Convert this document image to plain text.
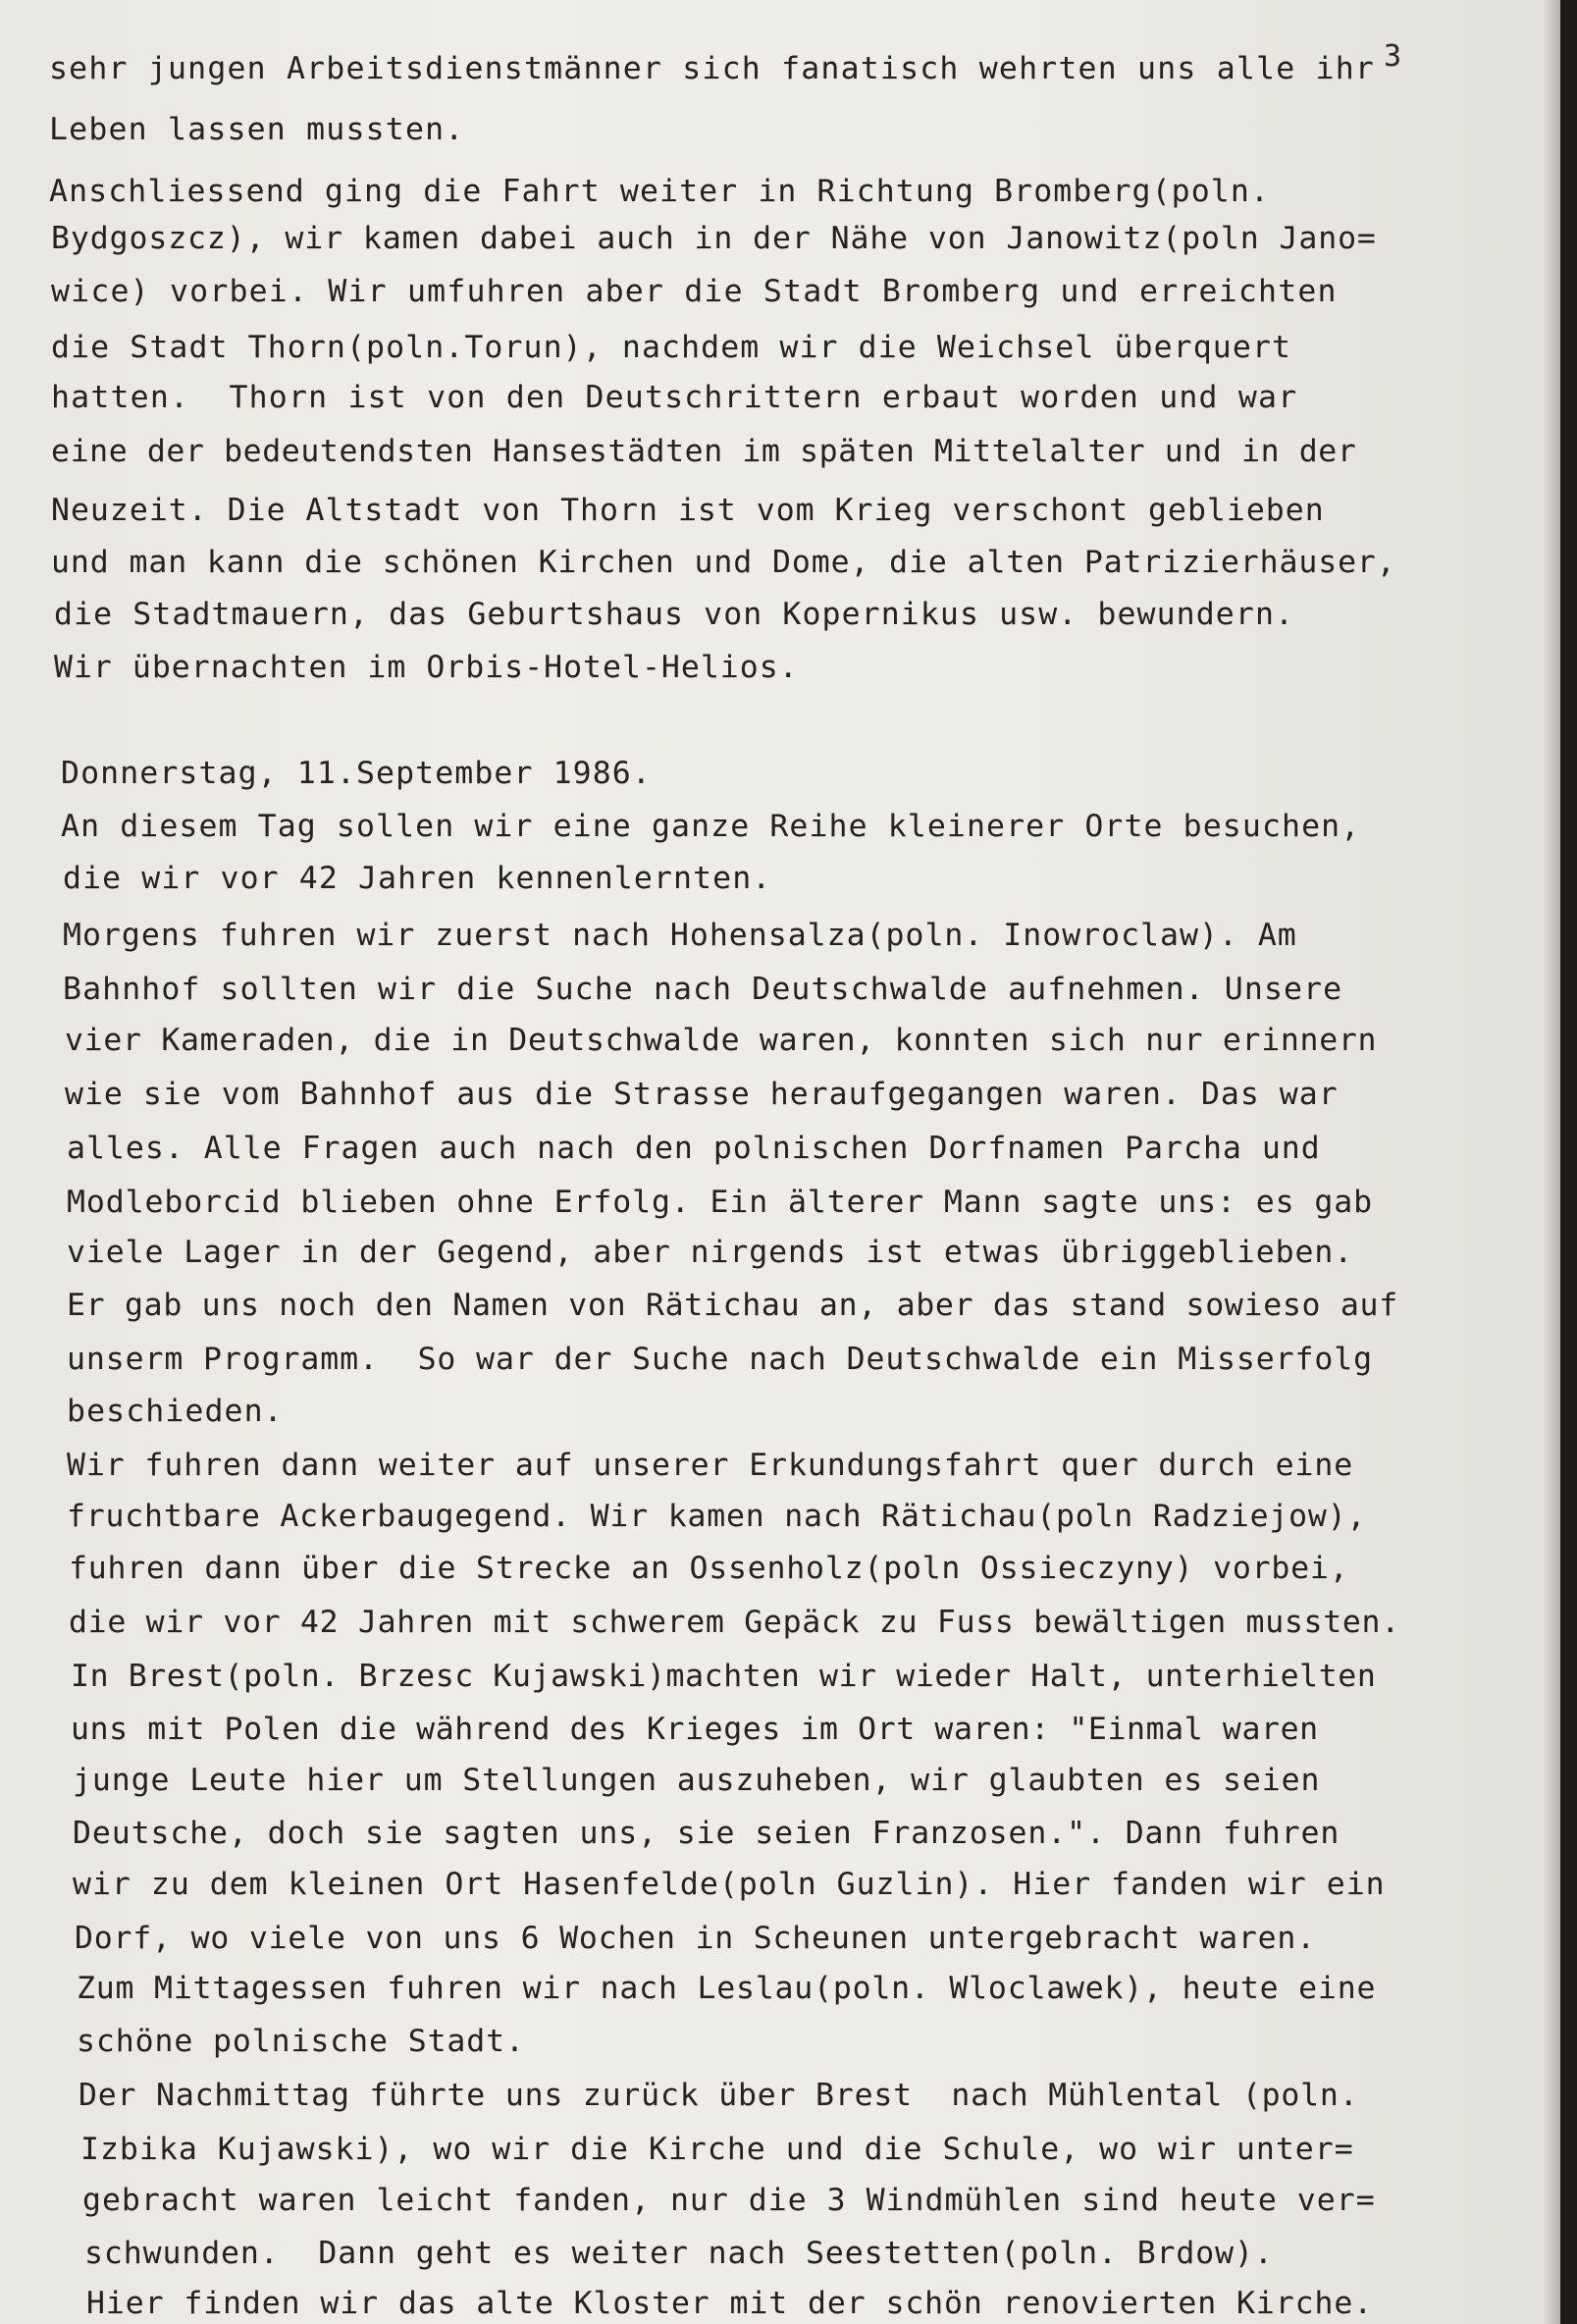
3
sehr jungen Arbeitsdienstmänner sich fanatisch wehrten uns alle ihr
Leben lassen mussten.
Anschliessend ging die Fahrt weiter in Richtung Bromberg(poln.
Bydgoszcz), wir kamen dabei auch in der Nähe von Janowitz(poln Jano=
wice) vorbei. Wir umfuhren aber die Stadt Bromberg und erreichten
die Stadt Thorn(poln.Torun), nachdem wir die Weichsel überquert
hatten.  Thorn ist von den Deutschrittern erbaut worden und war
eine der bedeutendsten Hansestädten im späten Mittelalter und in der
Neuzeit. Die Altstadt von Thorn ist vom Krieg verschont geblieben
und man kann die schönen Kirchen und Dome, die alten Patrizierhäuser,
die Stadtmauern, das Geburtshaus von Kopernikus usw. bewundern.
Wir übernachten im Orbis-Hotel-Helios.
Donnerstag, 11.September 1986.
An diesem Tag sollen wir eine ganze Reihe kleinerer Orte besuchen,
die wir vor 42 Jahren kennenlernten.
Morgens fuhren wir zuerst nach Hohensalza(poln. Inowroclaw). Am
Bahnhof sollten wir die Suche nach Deutschwalde aufnehmen. Unsere
vier Kameraden, die in Deutschwalde waren, konnten sich nur erinnern
wie sie vom Bahnhof aus die Strasse heraufgegangen waren. Das war
alles. Alle Fragen auch nach den polnischen Dorfnamen Parcha und
Modleborcid blieben ohne Erfolg. Ein älterer Mann sagte uns: es gab
viele Lager in der Gegend, aber nirgends ist etwas übriggeblieben.
Er gab uns noch den Namen von Rätichau an, aber das stand sowieso auf
unserm Programm.  So war der Suche nach Deutschwalde ein Misserfolg
beschieden.
Wir fuhren dann weiter auf unserer Erkundungsfahrt quer durch eine
fruchtbare Ackerbaugegend. Wir kamen nach Rätichau(poln Radziejow),
fuhren dann über die Strecke an Ossenholz(poln Ossieczyny) vorbei,
die wir vor 42 Jahren mit schwerem Gepäck zu Fuss bewältigen mussten.
In Brest(poln. Brzesc Kujawski)machten wir wieder Halt, unterhielten
uns mit Polen die während des Krieges im Ort waren: "Einmal waren
junge Leute hier um Stellungen auszuheben, wir glaubten es seien
Deutsche, doch sie sagten uns, sie seien Franzosen.". Dann fuhren
wir zu dem kleinen Ort Hasenfelde(poln Guzlin). Hier fanden wir ein
Dorf, wo viele von uns 6 Wochen in Scheunen untergebracht waren.
Zum Mittagessen fuhren wir nach Leslau(poln. Wloclawek), heute eine
schöne polnische Stadt.
Der Nachmittag führte uns zurück über Brest  nach Mühlental (poln.
Izbika Kujawski), wo wir die Kirche und die Schule, wo wir unter=
gebracht waren leicht fanden, nur die 3 Windmühlen sind heute ver=
schwunden.  Dann geht es weiter nach Seestetten(poln. Brdow).
Hier finden wir das alte Kloster mit der schön renovierten Kirche.
